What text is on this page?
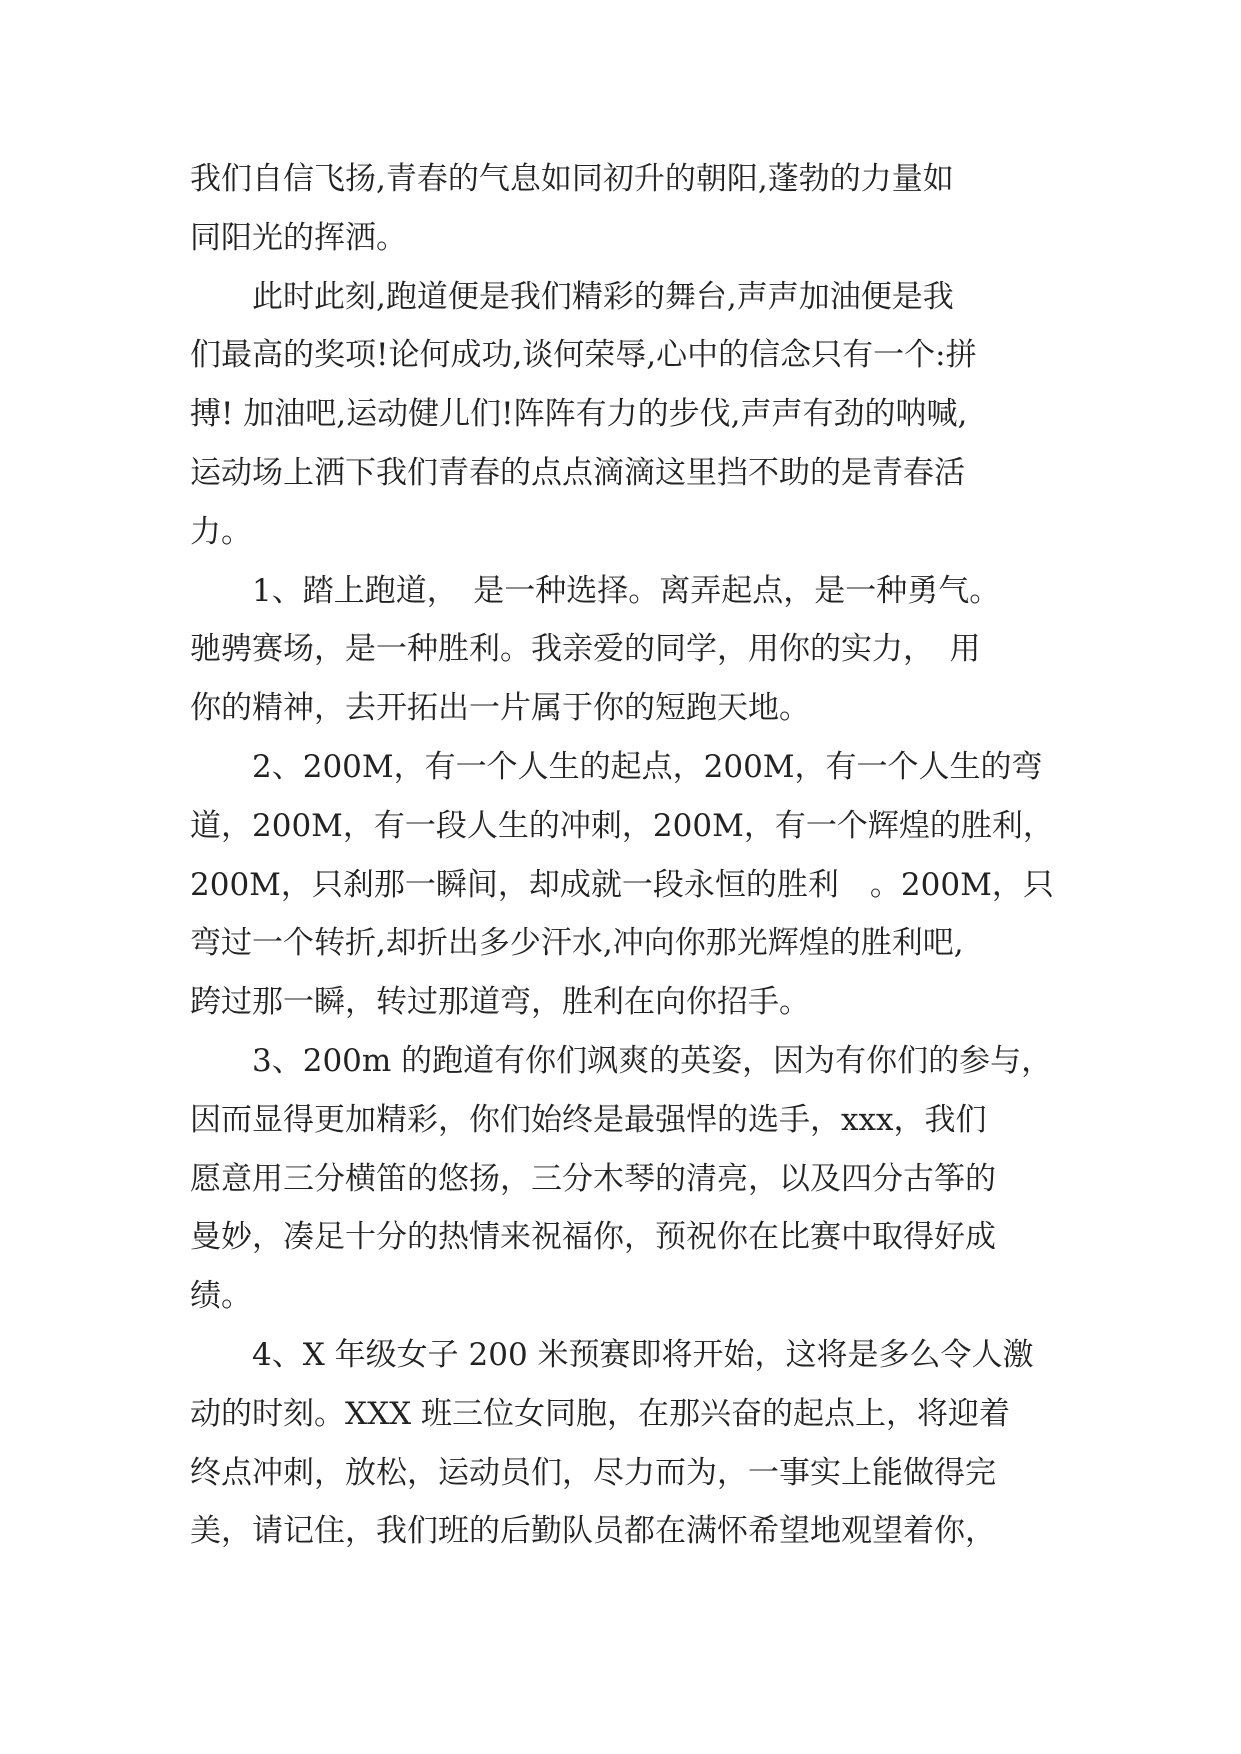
我们自信飞扬,青春的气息如同初升的朝阳,蓬勃的力量如
同阳光的挥洒。
　　此时此刻,跑道便是我们精彩的舞台,声声加油便是我
们最高的奖项!论何成功,谈何荣辱,心中的信念只有一个:拼
搏! 加油吧,运动健儿们!阵阵有力的步伐,声声有劲的呐喊,
运动场上洒下我们青春的点点滴滴这里挡不助的是青春活
力。
　　1、踏上跑道，　是一种选择。离弄起点，是一种勇气。
驰骋赛场，是一种胜利。我亲爱的同学，用你的实力，　用
你的精神，去开拓出一片属于你的短跑天地。
　　2、200M，有一个人生的起点，200M，有一个人生的弯
道，200M，有一段人生的冲刺，200M，有一个辉煌的胜利，
200M，只刹那一瞬间，却成就一段永恒的胜利　。200M，只
弯过一个转折,却折出多少汗水,冲向你那光辉煌的胜利吧,
跨过那一瞬，转过那道弯，胜利在向你招手。
　　3、200m 的跑道有你们飒爽的英姿，因为有你们的参与，
因而显得更加精彩，你们始终是最强悍的选手，xxx，我们
愿意用三分横笛的悠扬，三分木琴的清亮，以及四分古筝的
曼妙，凑足十分的热情来祝福你，预祝你在比赛中取得好成
绩。
　　4、X 年级女子 200 米预赛即将开始，这将是多么令人激
动的时刻。XXX 班三位女同胞，在那兴奋的起点上，将迎着
终点冲刺，放松，运动员们，尽力而为，一事实上能做得完
美，请记住，我们班的后勤队员都在满怀希望地观望着你，
